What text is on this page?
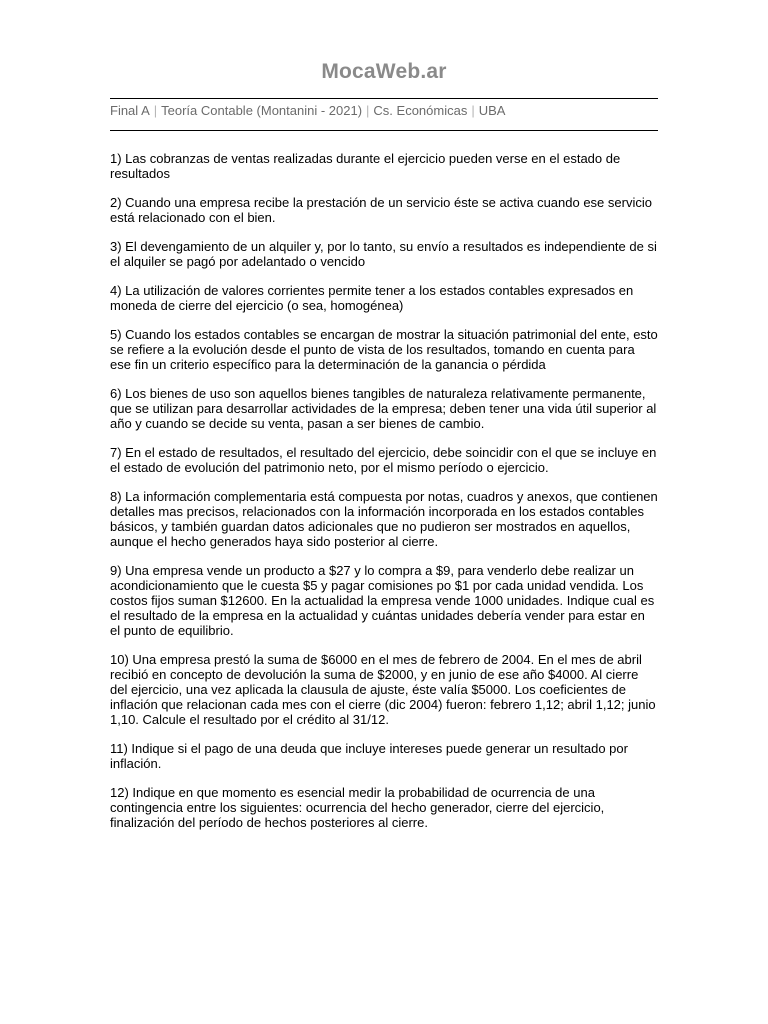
MocaWeb.ar
Final A | Teoría Contable (Montanini - 2021) | Cs. Económicas | UBA
1) Las cobranzas de ventas realizadas durante el ejercicio pueden verse en el estado de resultados
2) Cuando una empresa recibe la prestación de un servicio éste se activa cuando ese servicio está relacionado con el bien.
3) El devengamiento de un alquiler y, por lo tanto, su envío a resultados es independiente de si el alquiler se pagó por adelantado o vencido
4) La utilización de valores corrientes permite tener a los estados contables expresados en moneda de cierre del ejercicio (o sea, homogénea)
5) Cuando los estados contables se encargan de mostrar la situación patrimonial del ente, esto se refiere a la evolución desde el punto de vista de los resultados, tomando en cuenta para ese fin un criterio específico para la determinación de la ganancia o pérdida
6) Los bienes de uso son aquellos bienes tangibles de naturaleza relativamente permanente, que se utilizan para desarrollar actividades de la empresa; deben tener una vida útil superior al año y cuando se decide su venta, pasan a ser bienes de cambio.
7) En el estado de resultados, el resultado del ejercicio, debe soincidir con el que se incluye en el estado de evolución del patrimonio neto, por el mismo período o ejercicio.
8) La información complementaria está compuesta por notas, cuadros y anexos, que contienen detalles mas precisos, relacionados con la información incorporada en los estados contables básicos, y también guardan datos adicionales que no pudieron ser mostrados en aquellos, aunque el hecho generados haya sido posterior al cierre.
9) Una empresa vende un producto a $27 y lo compra a $9, para venderlo debe realizar un acondicionamiento que le cuesta $5 y pagar comisiones po $1 por cada unidad vendida. Los costos fijos suman $12600. En la actualidad la empresa vende 1000 unidades. Indique cual es el resultado de la empresa en la actualidad y cuántas unidades debería vender para estar en el punto de equilibrio.
10) Una empresa prestó la suma de $6000 en el mes de febrero de 2004. En el mes de abril recibió en concepto de devolución la suma de $2000, y en junio de ese año $4000. Al cierre del ejercicio, una vez aplicada la clausula de ajuste, éste valía $5000. Los coeficientes de inflación que relacionan cada mes con el cierre (dic 2004) fueron: febrero 1,12; abril 1,12; junio 1,10. Calcule el resultado por el crédito al 31/12.
11) Indique si el pago de una deuda que incluye intereses puede generar un resultado por inflación.
12) Indique en que momento es esencial medir la probabilidad de ocurrencia de una contingencia entre los siguientes: ocurrencia del hecho generador, cierre del ejercicio, finalización del período de hechos posteriores al cierre.
